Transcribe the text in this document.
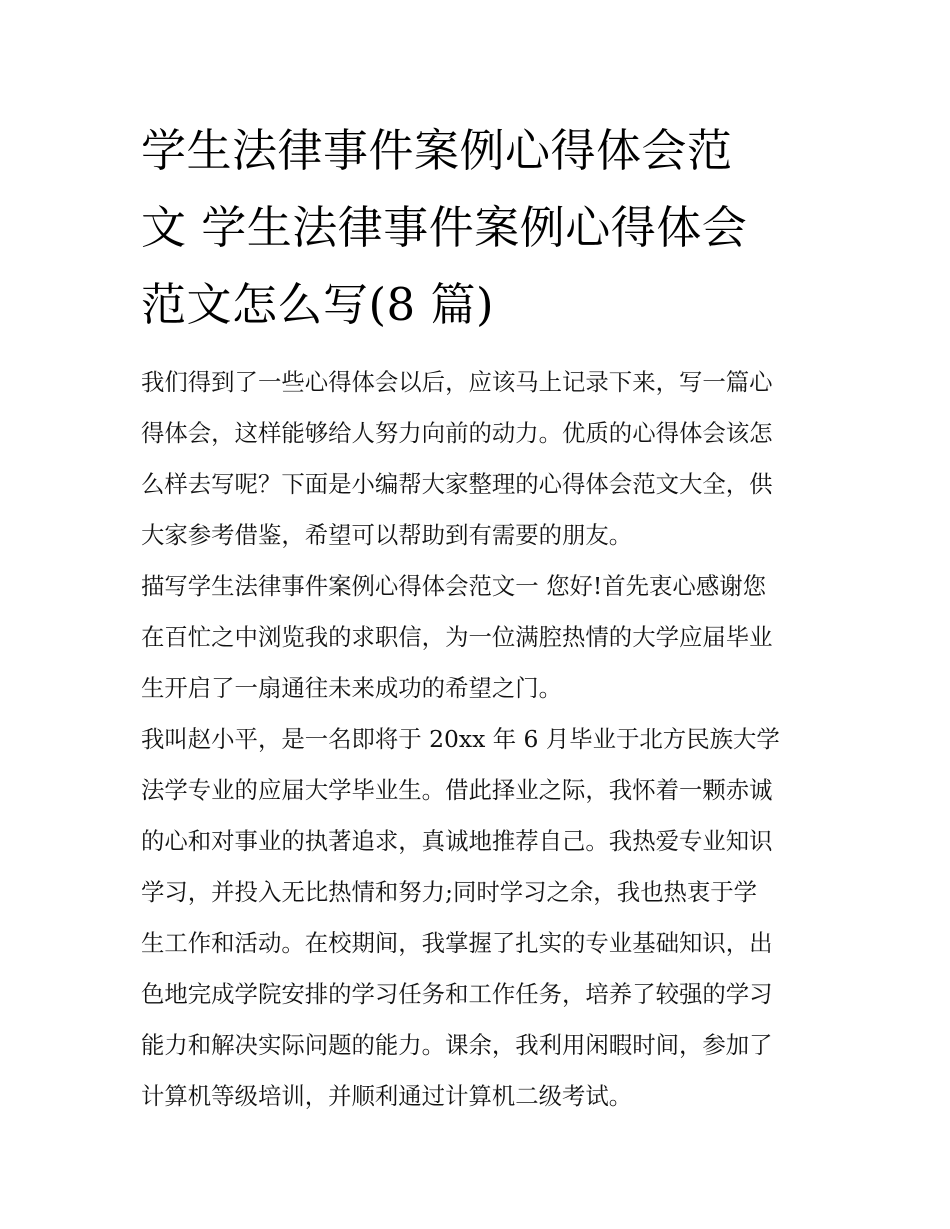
学生法律事件案例心得体会范
文 学生法律事件案例心得体会
范文怎么写(8 篇)
我们得到了一些心得体会以后，应该马上记录下来，写一篇心
得体会，这样能够给人努力向前的动力。优质的心得体会该怎
么样去写呢？下面是小编帮大家整理的心得体会范文大全，供
大家参考借鉴，希望可以帮助到有需要的朋友。
描写学生法律事件案例心得体会范文一 您好!首先衷心感谢您
在百忙之中浏览我的求职信，为一位满腔热情的大学应届毕业
生开启了一扇通往未来成功的希望之门。
我叫赵小平，是一名即将于 20xx 年 6 月毕业于北方民族大学
法学专业的应届大学毕业生。借此择业之际，我怀着一颗赤诚
的心和对事业的执著追求，真诚地推荐自己。我热爱专业知识
学习，并投入无比热情和努力;同时学习之余，我也热衷于学
生工作和活动。在校期间，我掌握了扎实的专业基础知识，出
色地完成学院安排的学习任务和工作任务，培养了较强的学习
能力和解决实际问题的能力。课余，我利用闲暇时间，参加了
计算机等级培训，并顺利通过计算机二级考试。
